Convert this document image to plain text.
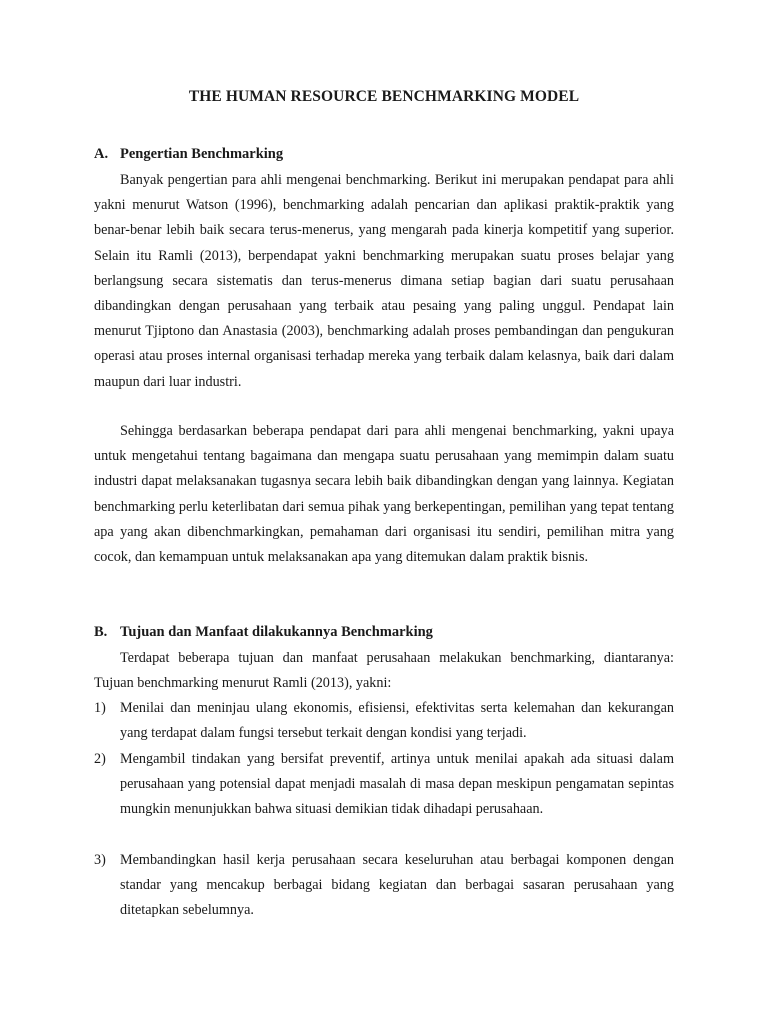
THE HUMAN RESOURCE BENCHMARKING MODEL
A. Pengertian Benchmarking

Banyak pengertian para ahli mengenai benchmarking. Berikut ini merupakan pendapat para ahli yakni menurut Watson (1996), benchmarking adalah pencarian dan aplikasi praktik-praktik yang benar-benar lebih baik secara terus-menerus, yang mengarah pada kinerja kompetitif yang superior. Selain itu Ramli (2013), berpendapat yakni benchmarking merupakan suatu proses belajar yang berlangsung secara sistematis dan terus-menerus dimana setiap bagian dari suatu perusahaan dibandingkan dengan perusahaan yang terbaik atau pesaing yang paling unggul. Pendapat lain menurut Tjiptono dan Anastasia (2003), benchmarking adalah proses pembandingan dan pengukuran operasi atau proses internal organisasi terhadap mereka yang terbaik dalam kelasnya, baik dari dalam maupun dari luar industri.

Sehingga berdasarkan beberapa pendapat dari para ahli mengenai benchmarking, yakni upaya untuk mengetahui tentang bagaimana dan mengapa suatu perusahaan yang memimpin dalam suatu industri dapat melaksanakan tugasnya secara lebih baik dibandingkan dengan yang lainnya. Kegiatan benchmarking perlu keterlibatan dari semua pihak yang berkepentingan, pemilihan yang tepat tentang apa yang akan dibenchmarkingkan, pemahaman dari organisasi itu sendiri, pemilihan mitra yang cocok, dan kemampuan untuk melaksanakan apa yang ditemukan dalam praktik bisnis.

B. Tujuan dan Manfaat dilakukannya Benchmarking

Terdapat beberapa tujuan dan manfaat perusahaan melakukan benchmarking, diantaranya: Tujuan benchmarking menurut Ramli (2013), yakni:

1) Menilai dan meninjau ulang ekonomis, efisiensi, efektivitas serta kelemahan dan kekurangan yang terdapat dalam fungsi tersebut terkait dengan kondisi yang terjadi.
2) Mengambil tindakan yang bersifat preventif, artinya untuk menilai apakah ada situasi dalam perusahaan yang potensial dapat menjadi masalah di masa depan meskipun pengamatan sepintas mungkin menunjukkan bahwa situasi demikian tidak dihadapi perusahaan.
3) Membandingkan hasil kerja perusahaan secara keseluruhan atau berbagai komponen dengan standar yang mencakup berbagai bidang kegiatan dan berbagai sasaran perusahaan yang ditetapkan sebelumnya.
